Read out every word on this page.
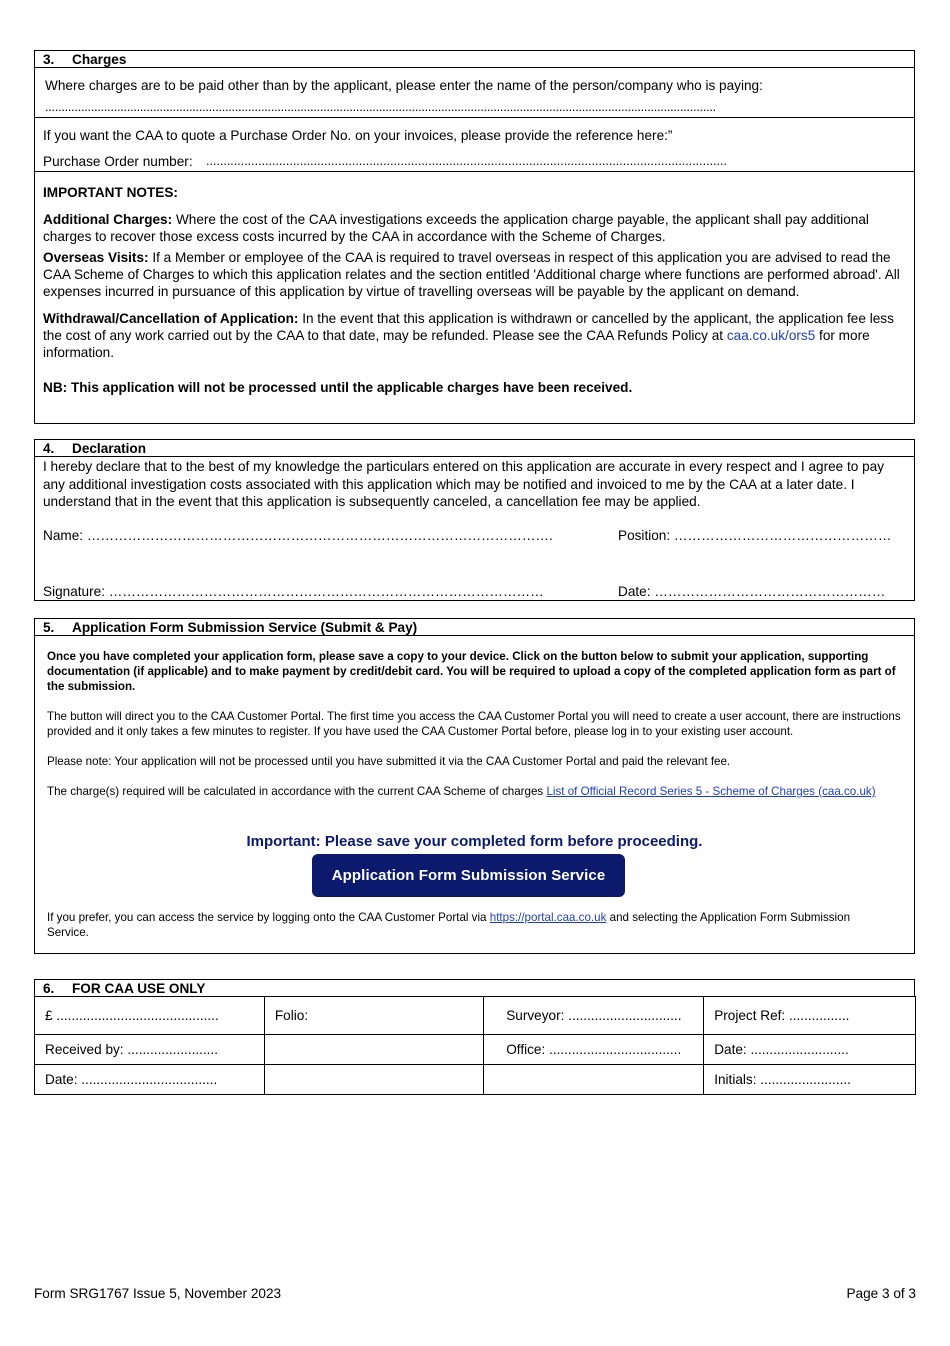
3. Charges
Where charges are to be paid other than by the applicant, please enter the name of the person/company who is paying:
.............................................................................................................................................................................................................
If you want the CAA to quote a Purchase Order No. on your invoices, please provide the reference here:”
Purchase Order number: ......................................................................................................................................................

IMPORTANT NOTES:

Additional Charges: Where the cost of the CAA investigations exceeds the application charge payable, the applicant shall pay additional charges to recover those excess costs incurred by the CAA in accordance with the Scheme of Charges.

Overseas Visits: If a Member or employee of the CAA is required to travel overseas in respect of this application you are advised to read the CAA Scheme of Charges to which this application relates and the section entitled 'Additional charge where functions are performed abroad'. All expenses incurred in pursuance of this application by virtue of travelling overseas will be payable by the applicant on demand.

Withdrawal/Cancellation of Application: In the event that this application is withdrawn or cancelled by the applicant, the application fee less the cost of any work carried out by the CAA to that date, may be refunded. Please see the CAA Refunds Policy at caa.co.uk/ors5 for more information.

NB: This application will not be processed until the applicable charges have been received.

4. Declaration

I hereby declare that to the best of my knowledge the particulars entered on this application are accurate in every respect and I agree to pay any additional investigation costs associated with this application which may be notified and invoiced to me by the CAA at a later date. I understand that in the event that this application is subsequently canceled, a cancellation fee may be applied.

Name: ………………………………………………………………………………………….	Position: …………………………………………
Signature: ……………………………………………………………………………………	Date: ……………………………………………
5. Application Form Submission Service (Submit & Pay)

Once you have completed your application form, please save a copy to your device. Click on the button below to submit your application, supporting documentation (if applicable) and to make payment by credit/debit card. You will be required to upload a copy of the completed application form as part of the submission.

The button will direct you to the CAA Customer Portal. The first time you access the CAA Customer Portal you will need to create a user account, there are instructions provided and it only takes a few minutes to register. If you have used the CAA Customer Portal before, please log in to your existing user account.

Please note: Your application will not be processed until you have submitted it via the CAA Customer Portal and paid the relevant fee.

The charge(s) required will be calculated in accordance with the current CAA Scheme of charges List of Official Record Series 5 - Scheme of Charges (caa.co.uk)

Important: Please save your completed form before proceeding.
Application Form Submission Service

If you prefer, you can access the service by logging onto the CAA Customer Portal via https://portal.caa.co.uk and selecting the Application Form Submission

Service.

6. FOR CAA USE ONLY
£ ...........................................	Folio:	Surveyor: ..............................	Project Ref: ................
Received by: ........................		Office: ...................................	Date: ..........................
Date: ....................................			Initials: ........................
Form SRG1767 Issue 5, November 2023	Page 3 of 3
